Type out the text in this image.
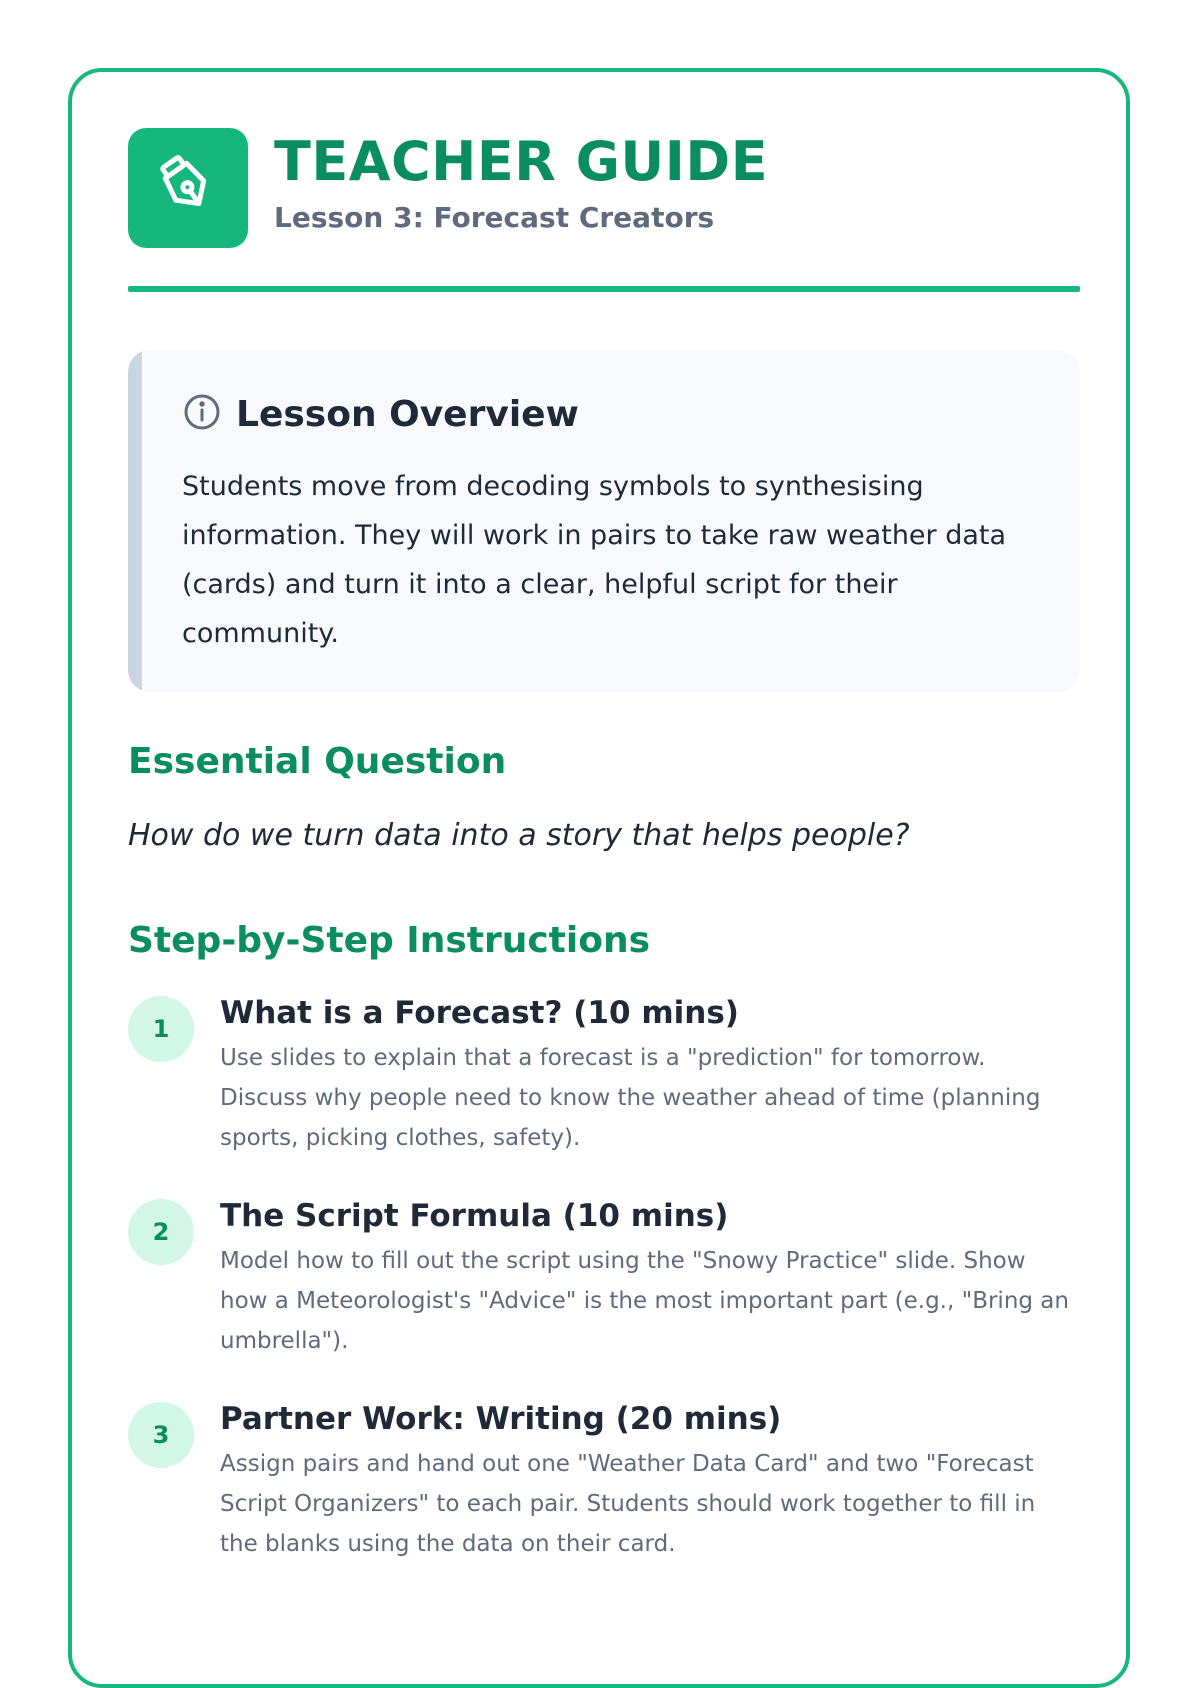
TEACHER GUIDE
Lesson 3: Forecast Creators
Lesson Overview

Students move from decoding symbols to synthesising information. They will work in pairs to take raw weather data (cards) and turn it into a clear, helpful script for their community.

Essential Question

How do we turn data into a story that helps people?

Step-by-Step Instructions
1	What is a Forecast? (10 mins)

Use slides to explain that a forecast is a "prediction" for tomorrow. Discuss why people need to know the weather ahead of time (planning sports, picking clothes, safety).

2	The Script Formula (10 mins)

Model how to fill out the script using the "Snowy Practice" slide. Show how a Meteorologist's "Advice" is the most important part (e.g., "Bring an umbrella").

3	Partner Work: Writing (20 mins)

Assign pairs and hand out one "Weather Data Card" and two "Forecast Script Organizers" to each pair. Students should work together to fill in the blanks using the data on their card.
